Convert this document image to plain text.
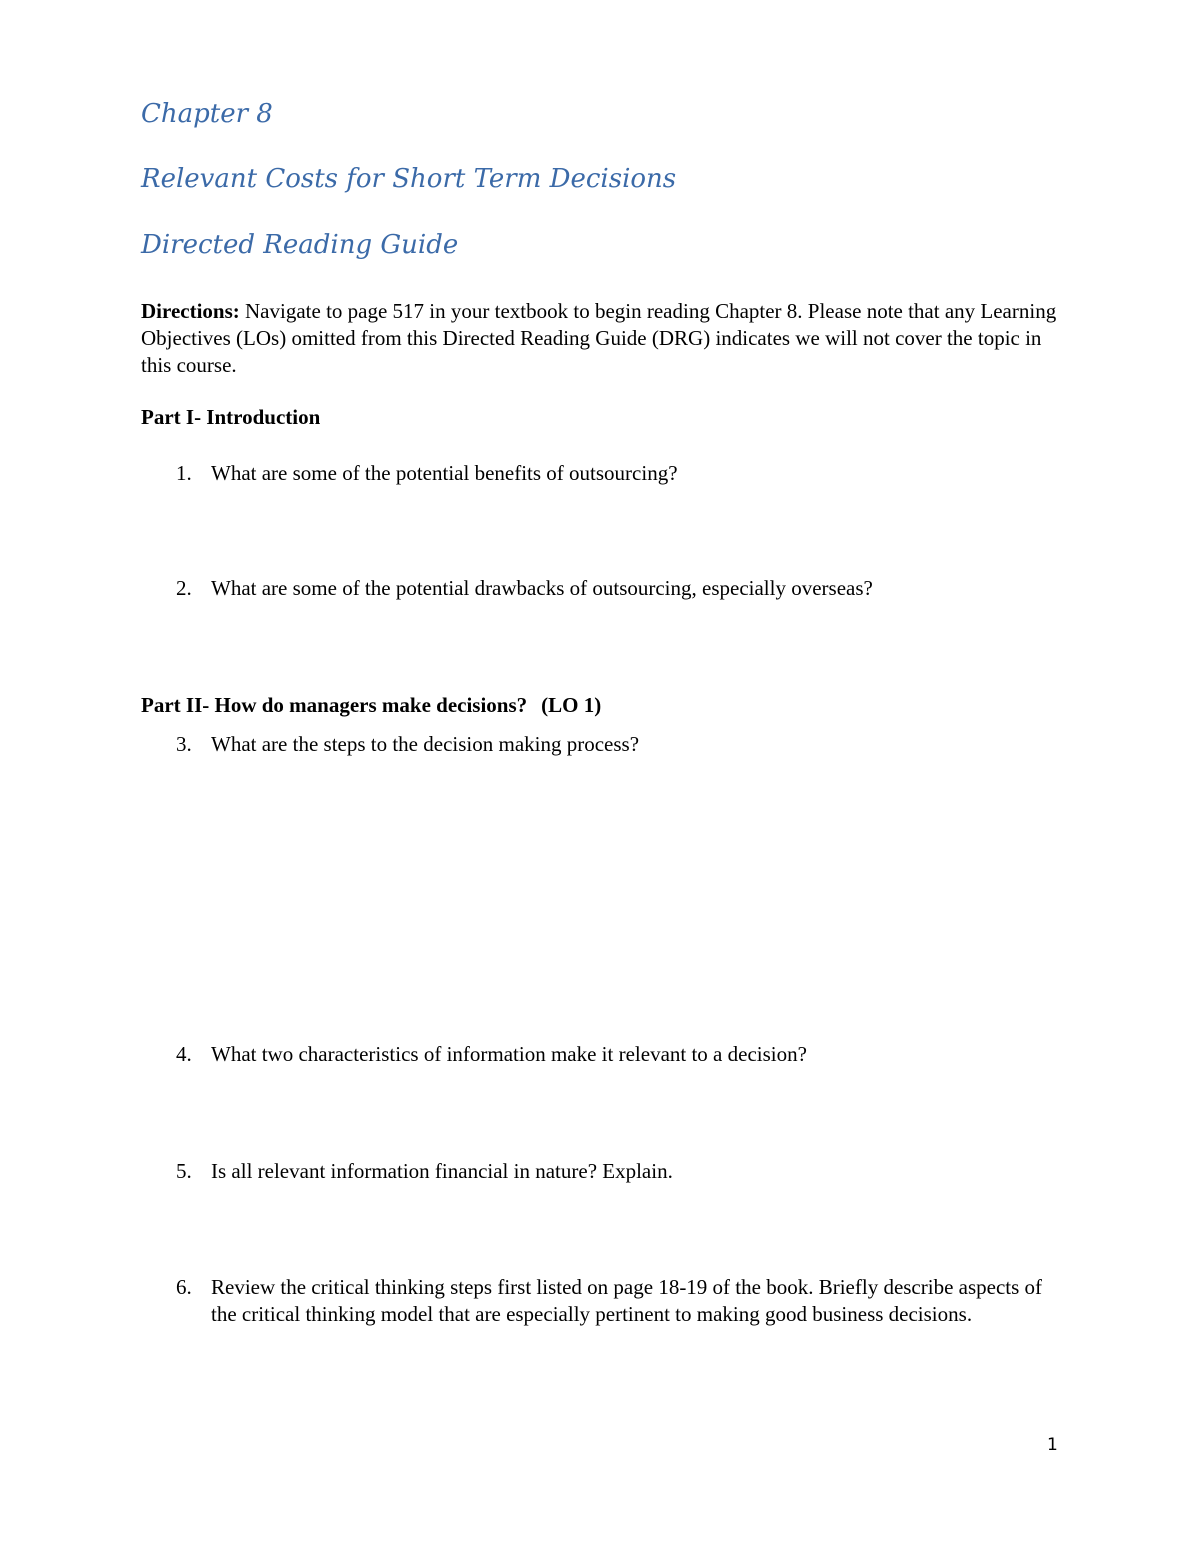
Chapter 8
Relevant Costs for Short Term Decisions
Directed Reading Guide
Directions: Navigate to page 517 in your textbook to begin reading Chapter 8. Please note that any Learning Objectives (LOs) omitted from this Directed Reading Guide (DRG) indicates we will not cover the topic in this course.
Part I- Introduction
1. What are some of the potential benefits of outsourcing?
2. What are some of the potential drawbacks of outsourcing, especially overseas?
Part II- How do managers make decisions? (LO 1)
3. What are the steps to the decision making process?
4. What two characteristics of information make it relevant to a decision?
5. Is all relevant information financial in nature? Explain.
6. Review the critical thinking steps first listed on page 18-19 of the book. Briefly describe aspects of the critical thinking model that are especially pertinent to making good business decisions.
1
